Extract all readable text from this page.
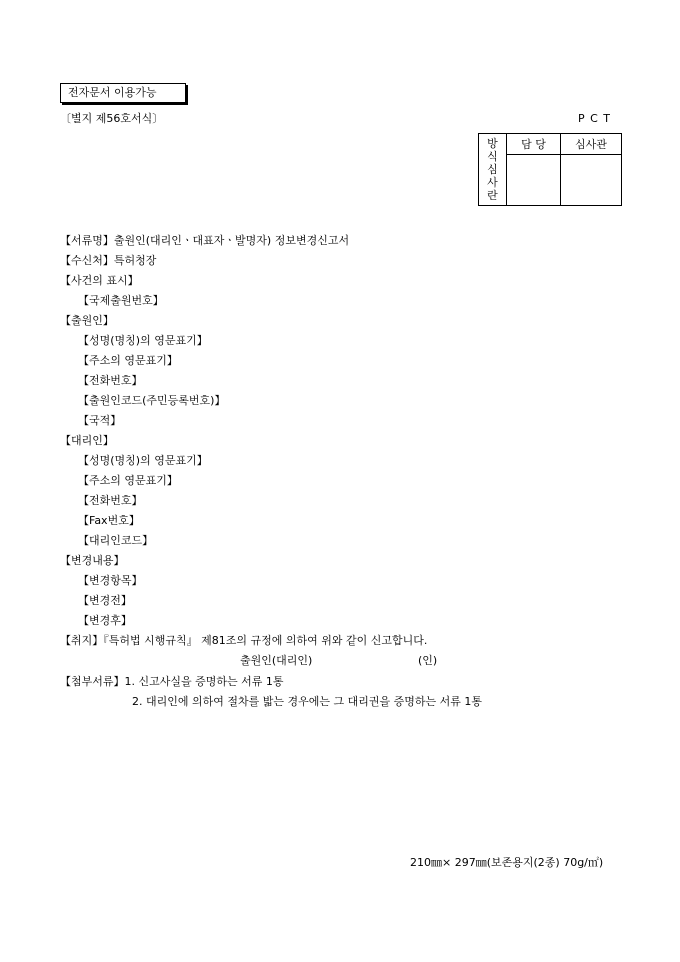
전자문서 이용가능
〔별지 제56호서식〕	P C T
방
식
심
사
란	담 당	심사관

【서류명】출원인(대리인ㆍ대표자ㆍ발명자) 정보변경신고서
【수신처】특허청장
【사건의 표시】
【국제출원번호】
【출원인】
【성명(명칭)의 영문표기】
【주소의 영문표기】
【전화번호】
【출원인코드(주민등록번호)】
【국적】
【대리인】
【성명(명칭)의 영문표기】
【주소의 영문표기】
【전화번호】
【Fax번호】
【대리인코드】
【변경내용】
【변경항목】
【변경전】
【변경후】
【취지】『특허법 시행규칙』 제81조의 규정에 의하여 위와 같이 신고합니다.
출원인(대리인)	(인)
【첨부서류】1. 신고사실을 증명하는 서류 1통
2. 대리인에 의하여 절차를 밟는 경우에는 그 대리권을 증명하는 서류 1통
210㎜× 297㎜(보존용지(2종) 70g/㎡)
